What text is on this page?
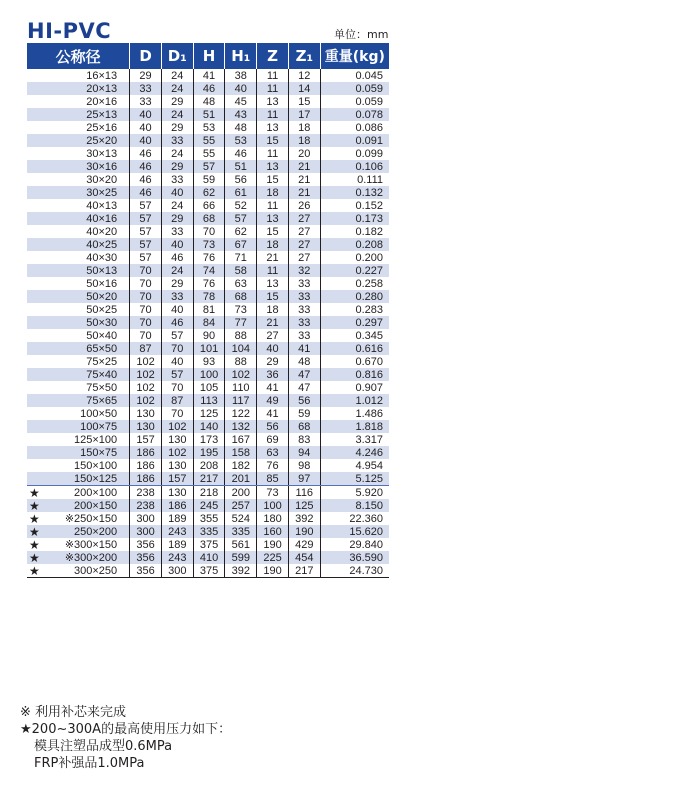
HI-PVC	单位：mm
公称径	D	D₁	H	H₁	Z	Z₁	重量(kg)
16×13	29	24	41	38	11	12	0.045
20×13	33	24	46	40	11	14	0.059
20×16	33	29	48	45	13	15	0.059
25×13	40	24	51	43	11	17	0.078
25×16	40	29	53	48	13	18	0.086
25×20	40	33	55	53	15	18	0.091
30×13	46	24	55	46	11	20	0.099
30×16	46	29	57	51	13	21	0.106
30×20	46	33	59	56	15	21	0.111
30×25	46	40	62	61	18	21	0.132
40×13	57	24	66	52	11	26	0.152
40×16	57	29	68	57	13	27	0.173
40×20	57	33	70	62	15	27	0.182
40×25	57	40	73	67	18	27	0.208
40×30	57	46	76	71	21	27	0.200
50×13	70	24	74	58	11	32	0.227
50×16	70	29	76	63	13	33	0.258
50×20	70	33	78	68	15	33	0.280
50×25	70	40	81	73	18	33	0.283
50×30	70	46	84	77	21	33	0.297
50×40	70	57	90	88	27	33	0.345
65×50	87	70	101	104	40	41	0.616
75×25	102	40	93	88	29	48	0.670
75×40	102	57	100	102	36	47	0.816
75×50	102	70	105	110	41	47	0.907
75×65	102	87	113	117	49	56	1.012
100×50	130	70	125	122	41	59	1.486
100×75	130	102	140	132	56	68	1.818
125×100	157	130	173	167	69	83	3.317
150×75	186	102	195	158	63	94	4.246
150×100	186	130	208	182	76	98	4.954
150×125	186	157	217	201	85	97	5.125

★ 200×100	238	130	218	200	73	116	5.920

★ 200×150	238	186	245	257	100	125	8.150

★ ※250×150	300	189	355	524	180	392	22.360

★ 250×200	300	243	335	335	160	190	15.620

★ ※300×150	356	189	375	561	190	429	29.840

★ ※300×200	356	243	410	599	225	454	36.590

★ 300×250	356	300	375	392	190	217	24.730
※ 利用补芯来完成
★200~300A的最高使用压力如下：
模具注塑品成型0.6MPa
FRP补强品1.0MPa
